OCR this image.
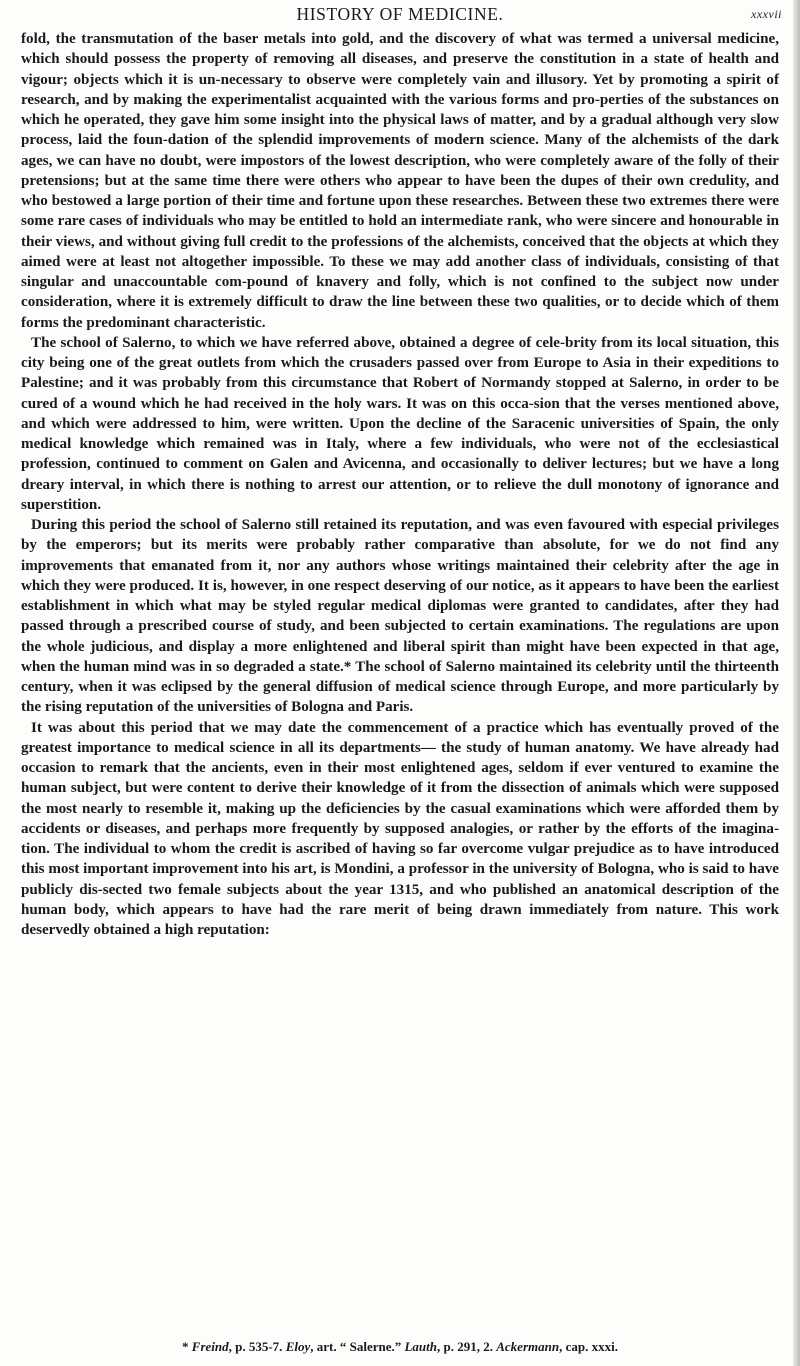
HISTORY OF MEDICINE.	xxxvii

fold, the transmutation of the baser metals into gold, and the discovery of what was termed a universal medicine, which should possess the property of removing all diseases, and preserve the constitution in a state of health and vigour; objects which it is un-necessary to observe were completely vain and illusory. Yet by promoting a spirit of research, and by making the experimentalist acquainted with the various forms and pro-perties of the substances on which he operated, they gave him some insight into the physical laws of matter, and by a gradual although very slow process, laid the foun-dation of the splendid improvements of modern science. Many of the alchemists of the dark ages, we can have no doubt, were impostors of the lowest description, who were completely aware of the folly of their pretensions; but at the same time there were others who appear to have been the dupes of their own credulity, and who bestowed a large portion of their time and fortune upon these researches. Between these two extremes there were some rare cases of individuals who may be entitled to hold an intermediate rank, who were sincere and honourable in their views, and without giving full credit to the professions of the alchemists, conceived that the objects at which they aimed were at least not altogether impossible. To these we may add another class of individuals, consisting of that singular and unaccountable com-pound of knavery and folly, which is not confined to the subject now under consideration, where it is extremely difficult to draw the line between these two qualities, or to decide which of them forms the predominant characteristic.

The school of Salerno, to which we have referred above, obtained a degree of cele-brity from its local situation, this city being one of the great outlets from which the crusaders passed over from Europe to Asia in their expeditions to Palestine; and it was probably from this circumstance that Robert of Normandy stopped at Salerno, in order to be cured of a wound which he had received in the holy wars. It was on this occa-sion that the verses mentioned above, and which were addressed to him, were written. Upon the decline of the Saracenic universities of Spain, the only medical knowledge which remained was in Italy, where a few individuals, who were not of the ecclesiastical profession, continued to comment on Galen and Avicenna, and occasionally to deliver lectures; but we have a long dreary interval, in which there is nothing to arrest our attention, or to relieve the dull monotony of ignorance and superstition.

During this period the school of Salerno still retained its reputation, and was even favoured with especial privileges by the emperors; but its merits were probably rather comparative than absolute, for we do not find any improvements that emanated from it, nor any authors whose writings maintained their celebrity after the age in which they were produced. It is, however, in one respect deserving of our notice, as it appears to have been the earliest establishment in which what may be styled regular medical diplomas were granted to candidates, after they had passed through a prescribed course of study, and been subjected to certain examinations. The regulations are upon the whole judicious, and display a more enlightened and liberal spirit than might have been expected in that age, when the human mind was in so degraded a state.* The school of Salerno maintained its celebrity until the thirteenth century, when it was eclipsed by the general diffusion of medical science through Europe, and more particularly by the rising reputation of the universities of Bologna and Paris.

It was about this period that we may date the commencement of a practice which has eventually proved of the greatest importance to medical science in all its departments— the study of human anatomy. We have already had occasion to remark that the ancients, even in their most enlightened ages, seldom if ever ventured to examine the human subject, but were content to derive their knowledge of it from the dissection of animals which were supposed the most nearly to resemble it, making up the deficiencies by the casual examinations which were afforded them by accidents or diseases, and perhaps more frequently by supposed analogies, or rather by the efforts of the imagina-tion. The individual to whom the credit is ascribed of having so far overcome vulgar prejudice as to have introduced this most important improvement into his art, is Mondini, a professor in the university of Bologna, who is said to have publicly dis-sected two female subjects about the year 1315, and who published an anatomical description of the human body, which appears to have had the rare merit of being drawn immediately from nature. This work deservedly obtained a high reputation:

* Freind, p. 535-7. Eloy, art. “ Salerne.” Lauth, p. 291, 2. Ackermann, cap. xxxi.
